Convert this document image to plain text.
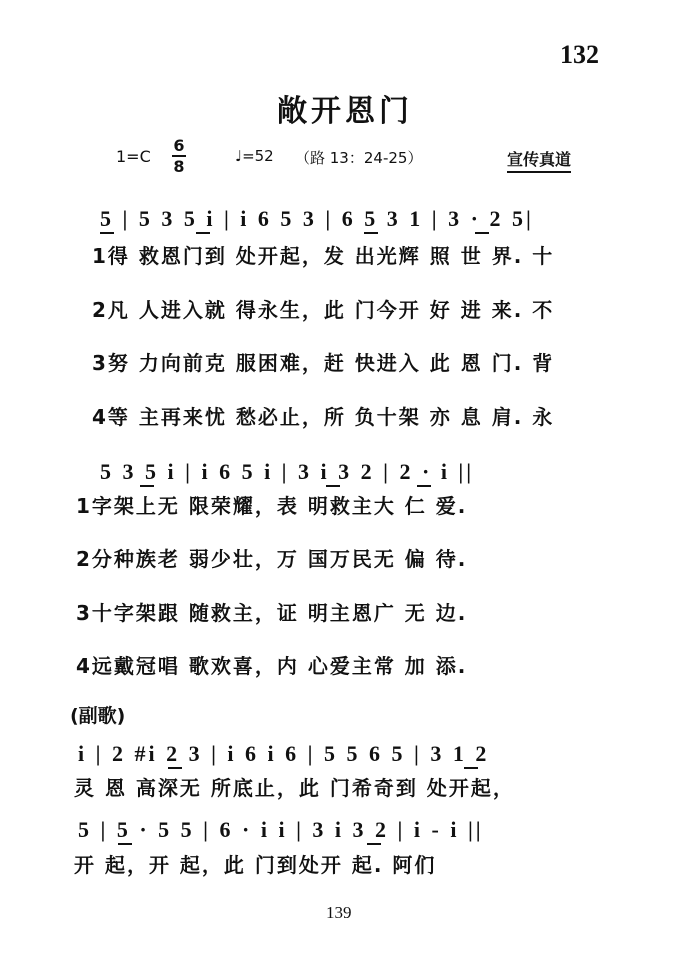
132
敞开恩门
1=C
6
8
♩=52 （路 13：24-25）	宣传真道
5 | 5 3 5 i | i 6 5 3 | 6 5 3 1 | 3 · 2 5|
1得 救恩门到 处开起，发 出光辉 照 世 界. 十
2凡 人进入就 得永生，此 门今开 好 进 来. 不
3努 力向前克 服困难，赶 快进入 此 恩 门. 背
4等 主再来忧 愁必止，所 负十架 亦 息 肩. 永
5 3 5 i | i 6 5 i | 3 i 3 2 | 2 · i ||
1字架上无 限荣耀，表 明救主大 仁 爱.
2分种族老 弱少壮，万 国万民无 偏 待.
3十字架跟 随救主，证 明主恩广 无 边.
4远戴冠唱 歌欢喜，内 心爱主常 加 添.
(副歌)
i | 2 #i 2 3 | i 6 i 6 | 5 5 6 5 | 3 1 2
灵 恩 高深无 所底止，此 门希奇到 处开起，
5 | 5 · 5 5 | 6 · i i | 3 i 3 2 | i - i ||
开 起，开 起，此 门到处开 起. 阿们
139
